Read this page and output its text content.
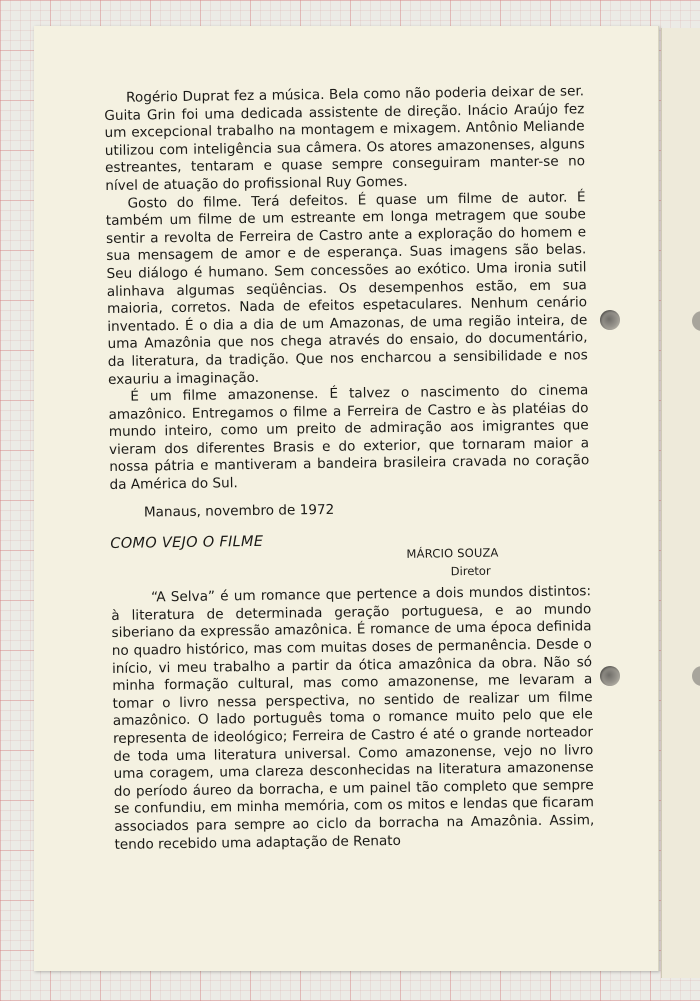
Rogério Duprat fez a música. Bela como não poderia deixar de ser. Guita Grin foi uma dedicada assistente de direção. Inácio Araújo fez um excepcional trabalho na montagem e mixagem. Antônio Meliande utilizou com inteligência sua câmera. Os atores amazonenses, alguns estreantes, tentaram e quase sempre conseguiram manter-se no nível de atuação do profissional Ruy Gomes.

Gosto do filme. Terá defeitos. É quase um filme de autor. É também um filme de um estreante em longa metragem que soube sentir a revolta de Ferreira de Castro ante a exploração do homem e sua mensagem de amor e de esperança. Suas imagens são belas. Seu diálogo é humano. Sem concessões ao exótico. Uma ironia sutil alinhava algumas seqüências. Os desempenhos estão, em sua maioria, corretos. Nada de efeitos espetaculares. Nenhum cenário inventado. É o dia a dia de um Amazonas, de uma região inteira, de uma Amazônia que nos chega através do ensaio, do documentário, da literatura, da tradição. Que nos encharcou a sensibilidade e nos exauriu a imaginação.

É um filme amazonense. É talvez o nascimento do cinema amazônico. Entregamos o filme a Ferreira de Castro e às platéias do mundo inteiro, como um preito de admiração aos imigrantes que vieram dos diferentes Brasis e do exterior, que tornaram maior a nossa pátria e mantiveram a bandeira brasileira cravada no coração da América do Sul.

Manaus, novembro de 1972

COMO VEJO O FILME
MÁRCIO SOUZA
Diretor

“A Selva” é um romance que pertence a dois mundos distintos: à literatura de determinada geração portuguesa, e ao mundo siberiano da expressão amazônica. É romance de uma época definida no quadro histórico, mas com muitas doses de permanência. Desde o início, vi meu trabalho a partir da ótica amazônica da obra. Não só minha formação cultural, mas como amazonense, me levaram a tomar o livro nessa perspectiva, no sentido de realizar um filme amazônico. O lado português toma o romance muito pelo que ele representa de ideológico; Ferreira de Castro é até o grande norteador de toda uma literatura universal. Como amazonense, vejo no livro uma coragem, uma clareza desconhecidas na literatura amazonense do período áureo da borracha, e um painel tão completo que sempre se confundiu, em minha memória, com os mitos e lendas que ficaram associados para sempre ao ciclo da borracha na Amazônia. Assim, tendo recebido uma adaptação de Renato
